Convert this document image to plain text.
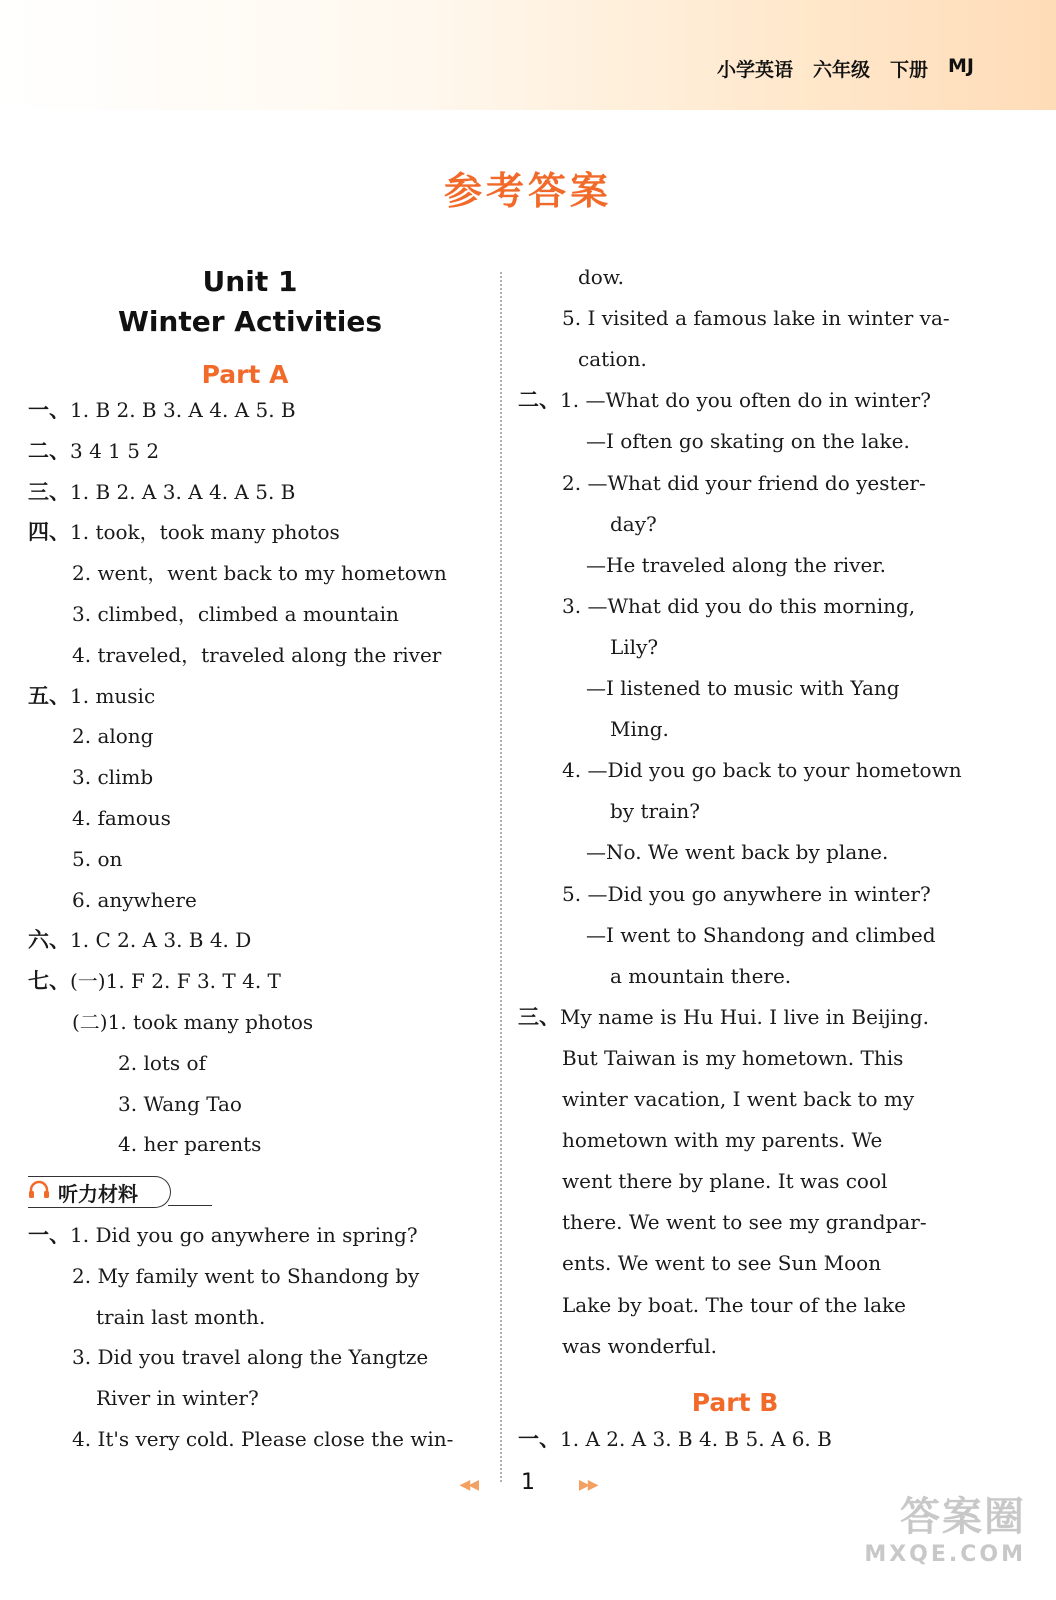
小学英语 六年级 下册 MJ
参考答案
Unit 1
Winter Activities
Part A
一、1. B 2. B 3. A 4. A 5. B
二、3 4 1 5 2
三、1. B 2. A 3. A 4. A 5. B
四、1. took，took many photos
2. went，went back to my hometown
3. climbed，climbed a mountain
4. traveled，traveled along the river
五、1. music
2. along
3. climb
4. famous
5. on
6. anywhere
六、1. C 2. A 3. B 4. D
七、(一)1. F 2. F 3. T 4. T
(二)1. took many photos
2. lots of
3. Wang Tao
4. her parents
一、1. Did you go anywhere in spring?
2. My family went to Shandong by
train last month.
3. Did you travel along the Yangtze
River in winter?
4. It's very cold. Please close the win-
听力材料
dow.
5. I visited a famous lake in winter va-
cation.
二、1. —What do you often do in winter?
—I often go skating on the lake.
2. —What did your friend do yester-
day?
—He traveled along the river.
3. —What did you do this morning,
Lily?
—I listened to music with Yang
Ming.
4. —Did you go back to your hometown
by train?
—No. We went back by plane.
5. —Did you go anywhere in winter?
—I went to Shandong and climbed
a mountain there.
三、My name is Hu Hui. I live in Beijing.
But Taiwan is my hometown. This
winter vacation, I went back to my
hometown with my parents. We
went there by plane. It was cool
there. We went to see my grandpar-
ents. We went to see Sun Moon
Lake by boat. The tour of the lake
was wonderful.
Part B
一、1. A 2. A 3. B 4. B 5. A 6. B
◀◀ 1	▶▶
答案圈
MXQE.COM
